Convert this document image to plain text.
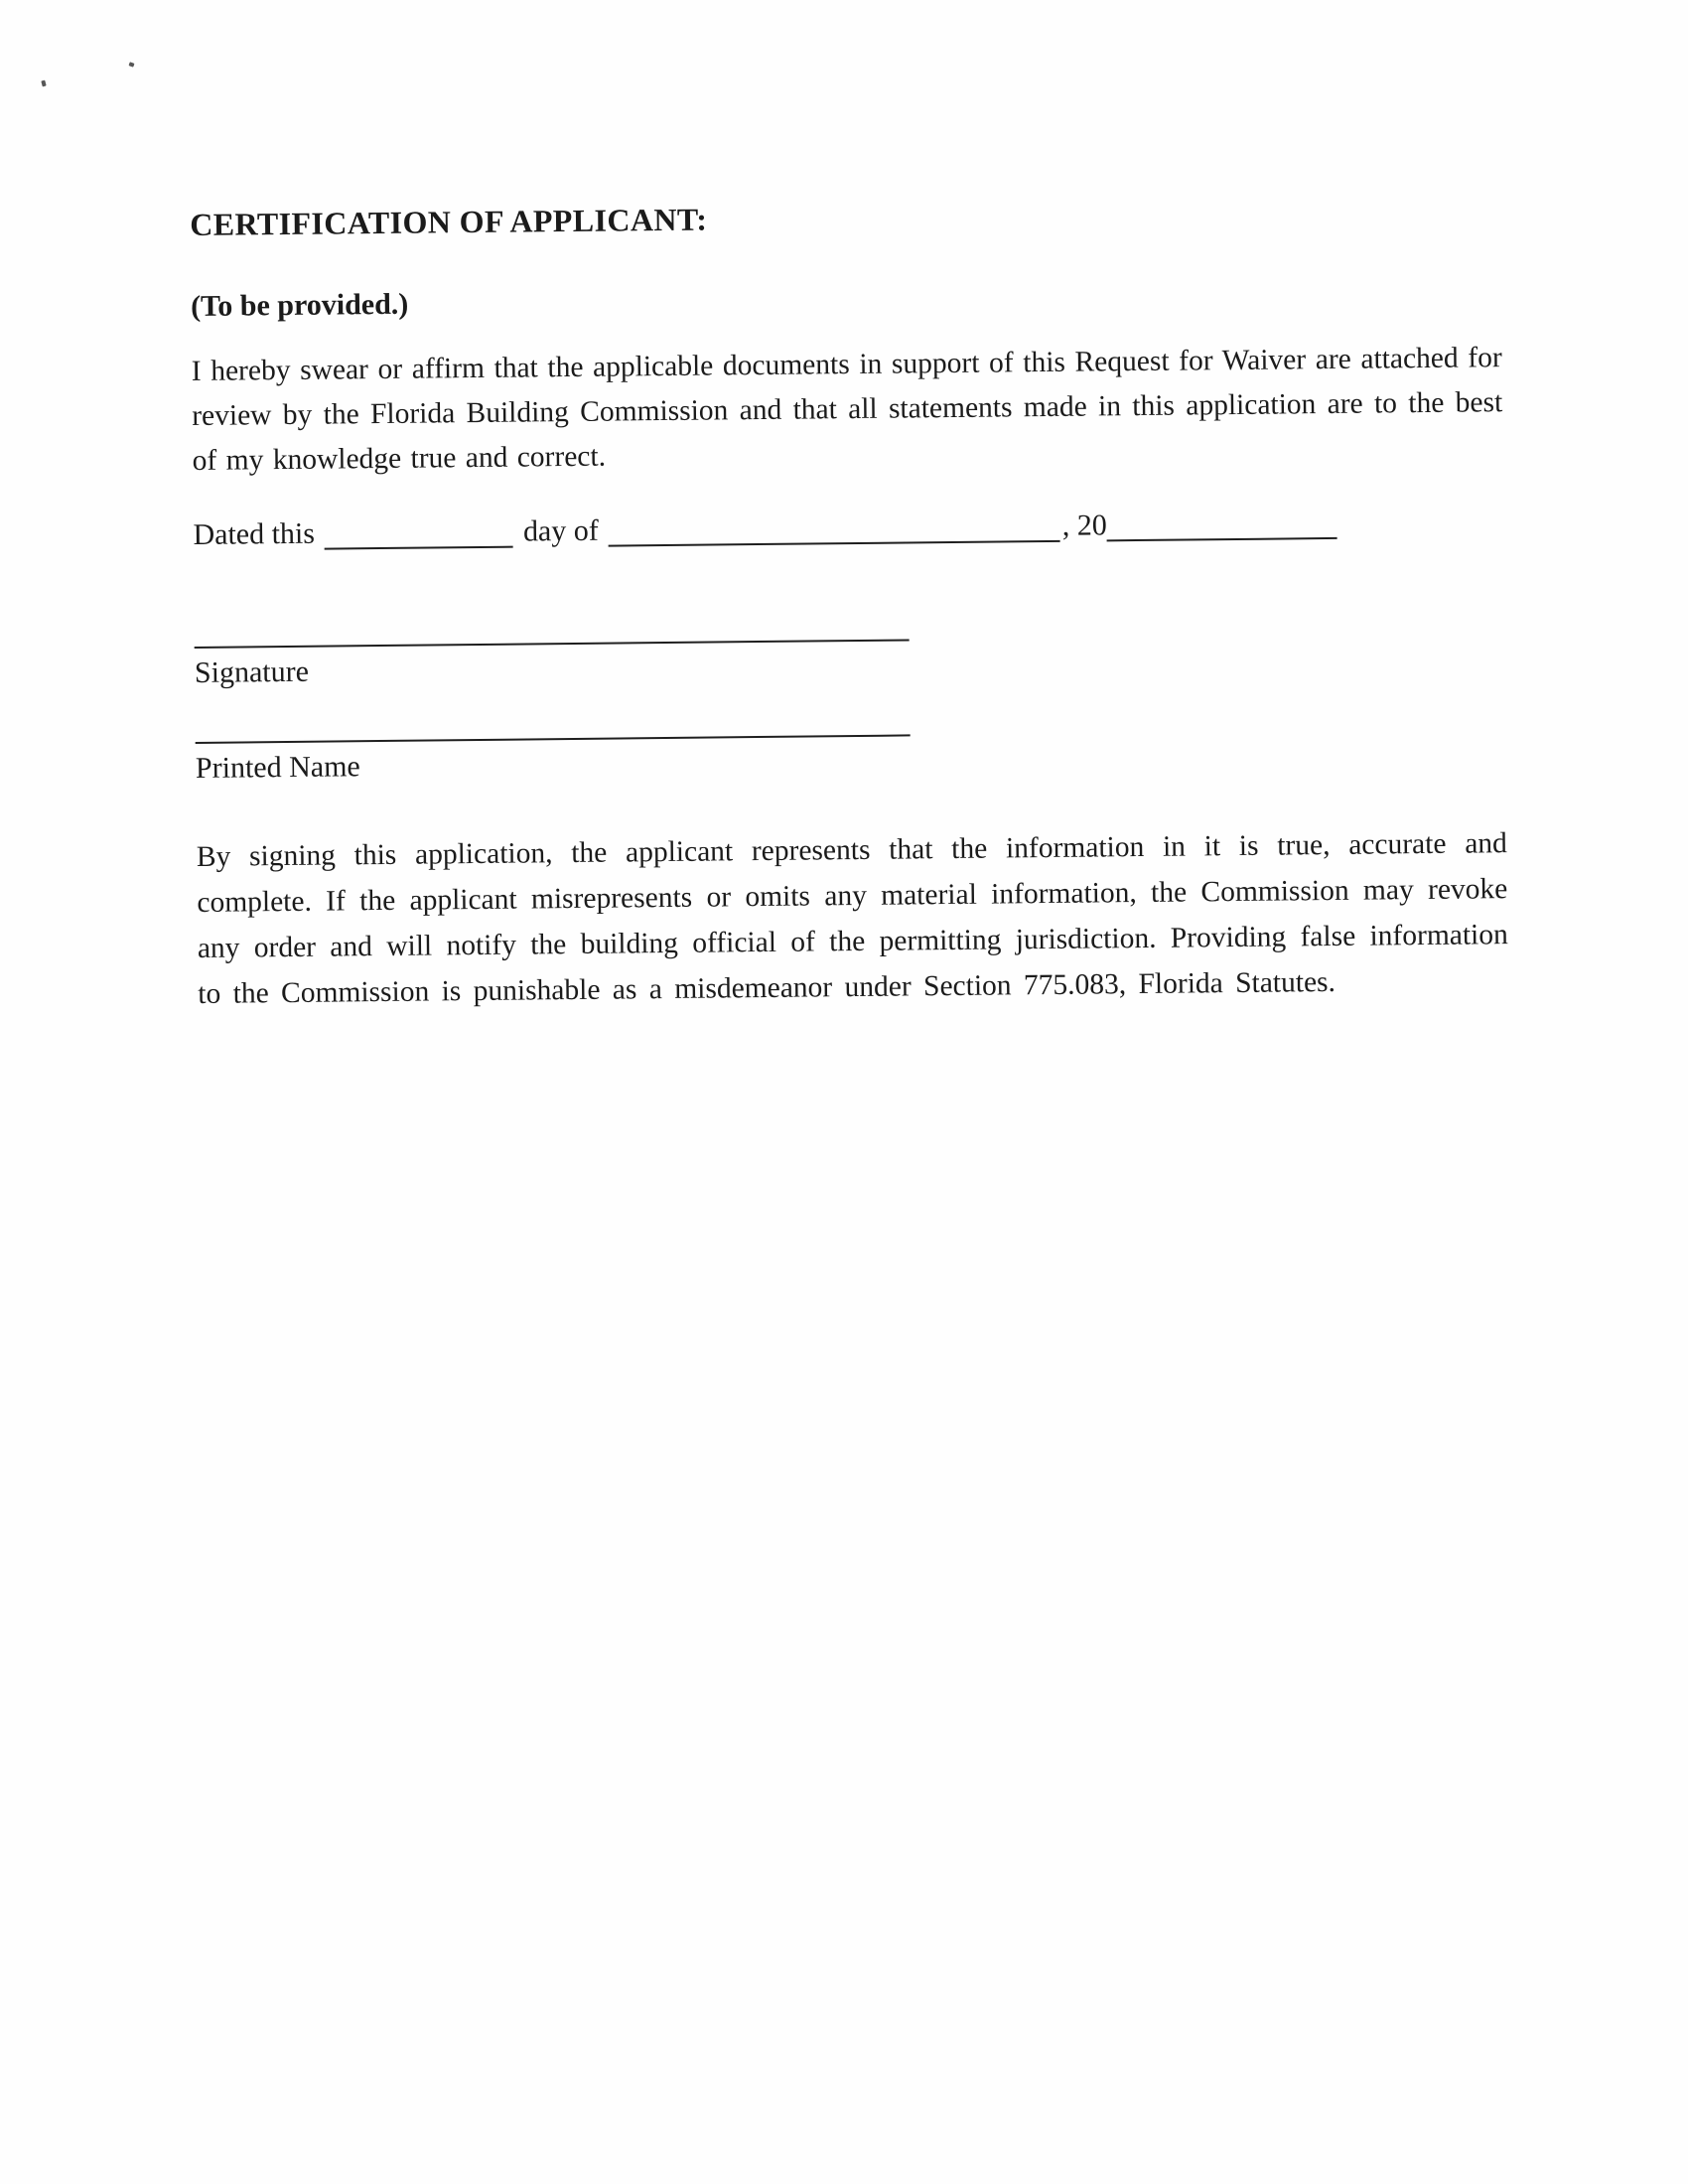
CERTIFICATION OF APPLICANT:
(To be provided.)

I hereby swear or affirm that the applicable documents in support of this Request for Waiver are attached for review by the Florida Building Commission and that all statements made in this application are to the best of my knowledge true and correct.

Dated this	day of	, 20
Signature
Printed Name

By signing this application, the applicant represents that the information in it is true, accurate and complete. If the applicant misrepresents or omits any material information, the Commission may revoke any order and will notify the building official of the permitting jurisdiction. Providing false information to the Commission is punishable as a misdemeanor under Section 775.083, Florida Statutes.
